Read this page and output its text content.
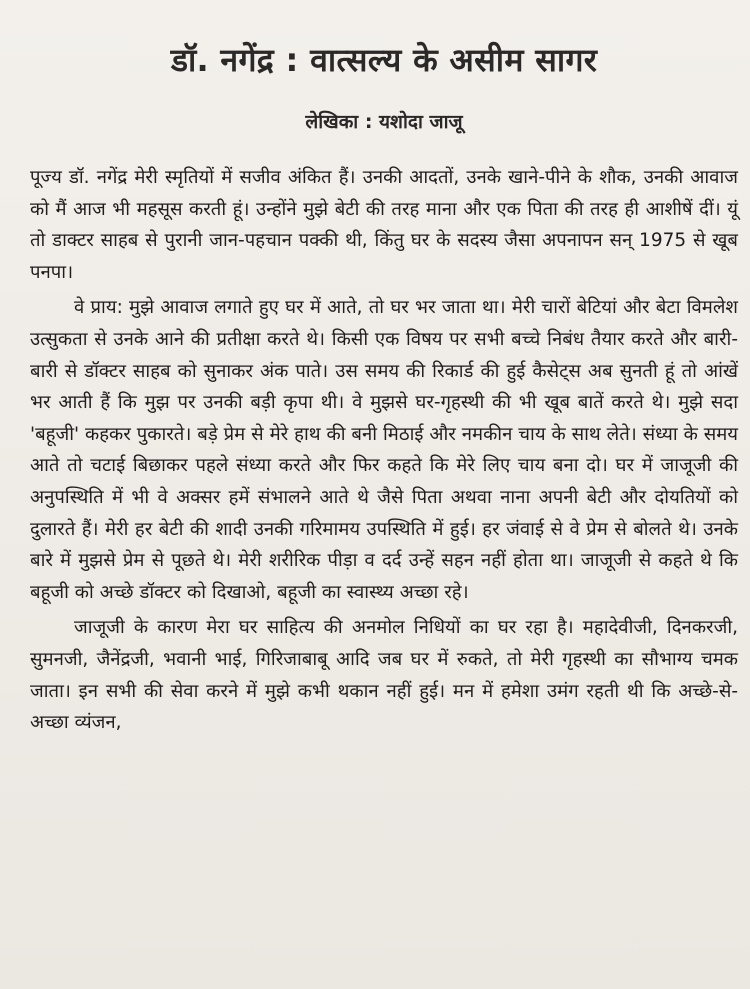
डॉ. नगेंद्र : वात्सल्य के असीम सागर
लेखिका : यशोदा जाजू

पूज्य डॉ. नगेंद्र मेरी स्मृतियों में सजीव अंकित हैं। उनकी आदतों, उनके खाने-पीने के शौक, उनकी आवाज को मैं आज भी महसूस करती हूं। उन्होंने मुझे बेटी की तरह माना और एक पिता की तरह ही आशीषें दीं। यूं तो डाक्टर साहब से पुरानी जान-पहचान पक्की थी, किंतु घर के सदस्य जैसा अपनापन सन् 1975 से खूब पनपा।

वे प्राय: मुझे आवाज लगाते हुए घर में आते, तो घर भर जाता था। मेरी चारों बेटियां और बेटा विमलेश उत्सुकता से उनके आने की प्रतीक्षा करते थे। किसी एक विषय पर सभी बच्चे निबंध तैयार करते और बारी-बारी से डॉक्टर साहब को सुनाकर अंक पाते। उस समय की रिकार्ड की हुई कैसेट्स अब सुनती हूं तो आंखें भर आती हैं कि मुझ पर उनकी बड़ी कृपा थी। वे मुझसे घर-गृहस्थी की भी खूब बातें करते थे। मुझे सदा 'बहूजी' कहकर पुकारते। बड़े प्रेम से मेरे हाथ की बनी मिठाई और नमकीन चाय के साथ लेते। संध्या के समय आते तो चटाई बिछाकर पहले संध्या करते और फिर कहते कि मेरे लिए चाय बना दो। घर में जाजूजी की अनुपस्थिति में भी वे अक्सर हमें संभालने आते थे जैसे पिता अथवा नाना अपनी बेटी और दोयतियों को दुलारते हैं। मेरी हर बेटी की शादी उनकी गरिमामय उपस्थिति में हुई। हर जंवाई से वे प्रेम से बोलते थे। उनके बारे में मुझसे प्रेम से पूछते थे। मेरी शरीरिक पीड़ा व दर्द उन्हें सहन नहीं होता था। जाजूजी से कहते थे कि बहूजी को अच्छे डॉक्टर को दिखाओ, बहूजी का स्वास्थ्य अच्छा रहे।

जाजूजी के कारण मेरा घर साहित्य की अनमोल निधियों का घर रहा है। महादेवीजी, दिनकरजी, सुमनजी, जैनेंद्रजी, भवानी भाई, गिरिजाबाबू आदि जब घर में रुकते, तो मेरी गृहस्थी का सौभाग्य चमक जाता। इन सभी की सेवा करने में मुझे कभी थकान नहीं हुई। मन में हमेशा उमंग रहती थी कि अच्छे-से-अच्छा व्यंजन,
